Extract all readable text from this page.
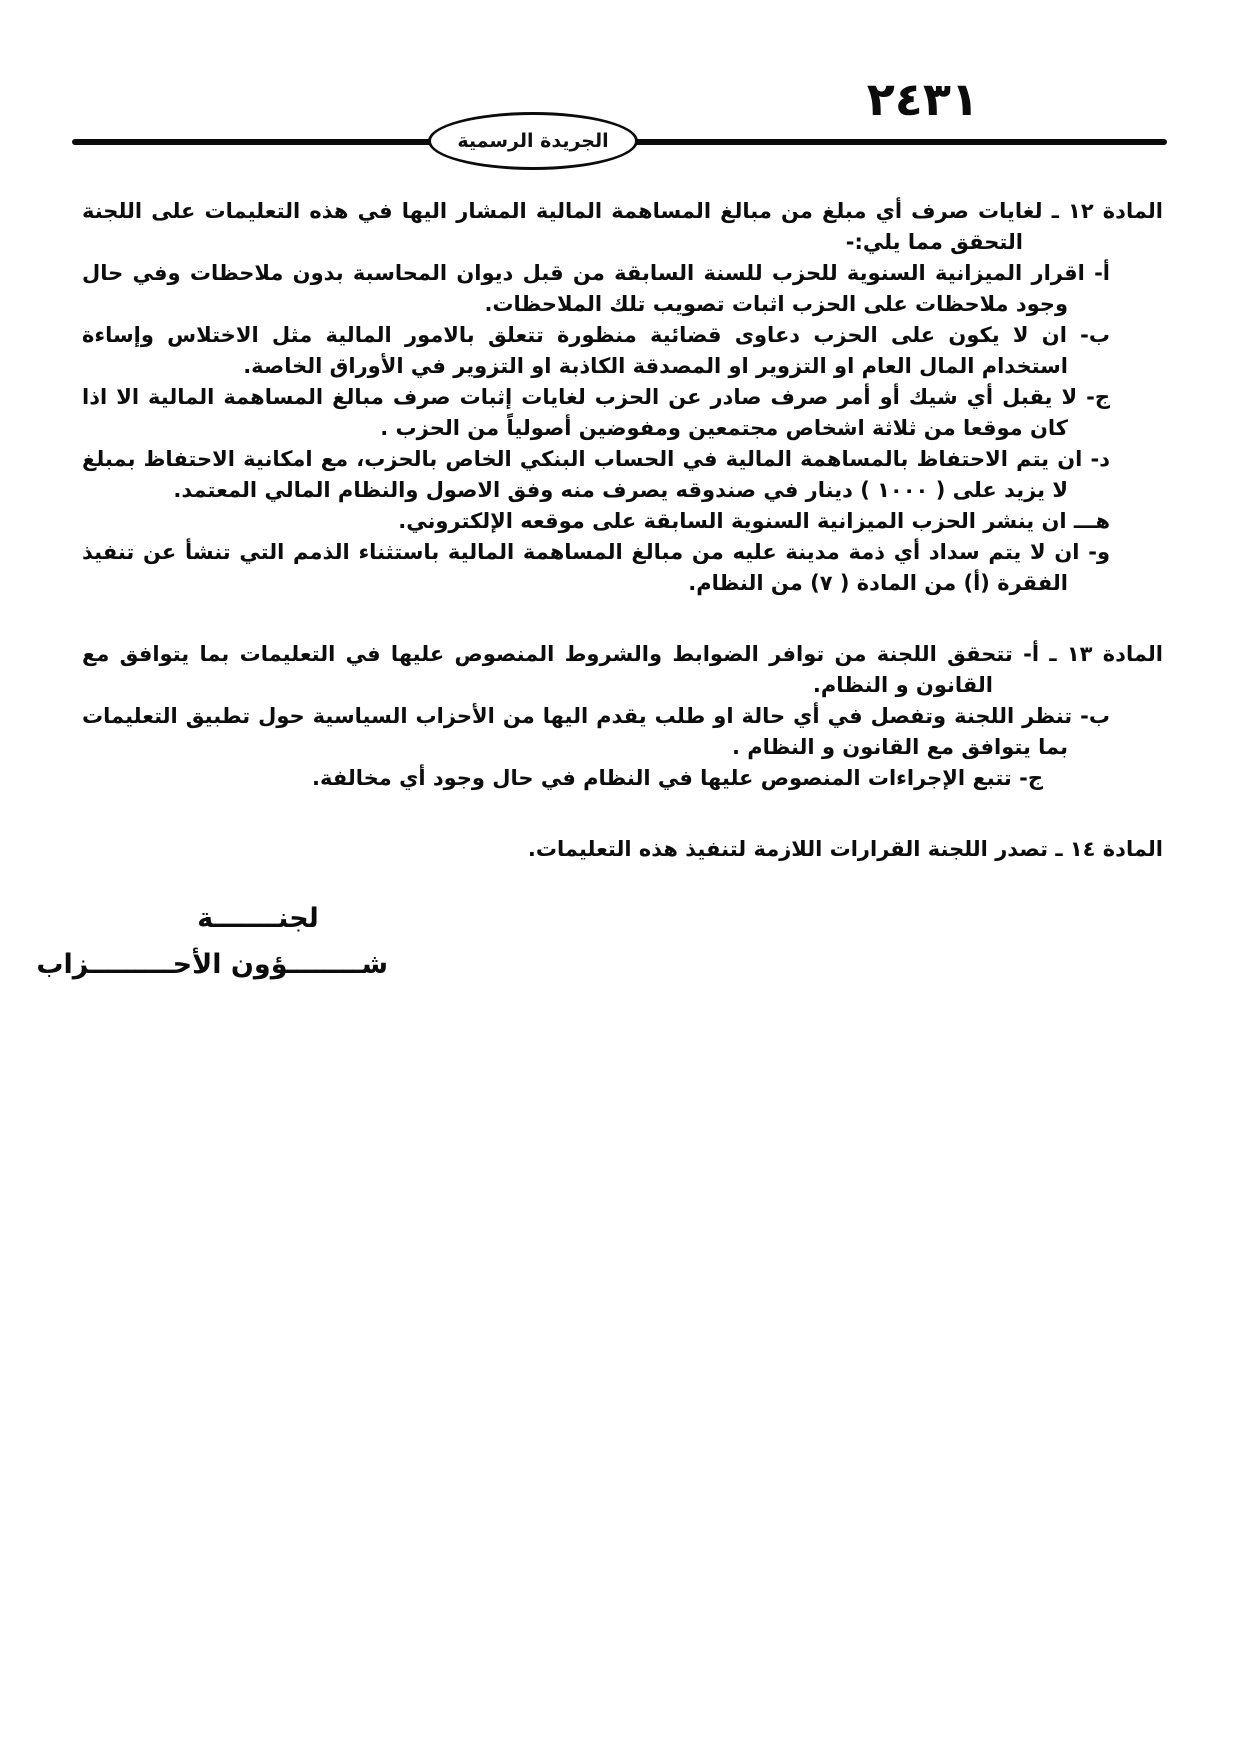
٢٤٣١
الجريدة الرسمية

المادة ١٢ ـ لغايات صرف أي مبلغ من مبالغ المساهمة المالية المشار اليها في هذه التعليمات على اللجنة التحقق مما يلي:-

أ- اقرار الميزانية السنوية للحزب للسنة السابقة من قبل ديوان المحاسبة بدون ملاحظات وفي حال وجود ملاحظات على الحزب اثبات تصويب تلك الملاحظات.

ب- ان لا يكون على الحزب دعاوى قضائية منظورة تتعلق بالامور المالية مثل الاختلاس وإساءة استخدام المال العام او التزوير او المصدقة الكاذبة او التزوير في الأوراق الخاصة.

ج- لا يقبل أي شيك أو أمر صرف صادر عن الحزب لغايات إثبات صرف مبالغ المساهمة المالية الا اذا كان موقعا من ثلاثة اشخاص مجتمعين ومفوضين أصولياً من الحزب .

د- ان يتم الاحتفاظ بالمساهمة المالية في الحساب البنكي الخاص بالحزب، مع امكانية الاحتفاظ بمبلغ لا يزيد على ( ١٠٠٠ ) دينار في صندوقه يصرف منه وفق الاصول والنظام المالي المعتمد.

هـــ ان ينشر الحزب الميزانية السنوية السابقة على موقعه الإلكتروني.

و- ان لا يتم سداد أي ذمة مدينة عليه من مبالغ المساهمة المالية باستثناء الذمم التي تنشأ عن تنفيذ الفقرة (أ) من المادة ( ٧) من النظام.

المادة ١٣ ـ أ- تتحقق اللجنة من توافر الضوابط والشروط المنصوص عليها في التعليمات بما يتوافق مع القانون و النظام.

ب- تنظر اللجنة وتفصل في أي حالة او طلب يقدم اليها من الأحزاب السياسية حول تطبيق التعليمات بما يتوافق مع القانون و النظام .

ج- تتبع الإجراءات المنصوص عليها في النظام في حال وجود أي مخالفة.

المادة ١٤ ـ تصدر اللجنة القرارات اللازمة لتنفيذ هذه التعليمات.

لجنـــــــة
شــــــــؤون الأحـــــــــزاب
